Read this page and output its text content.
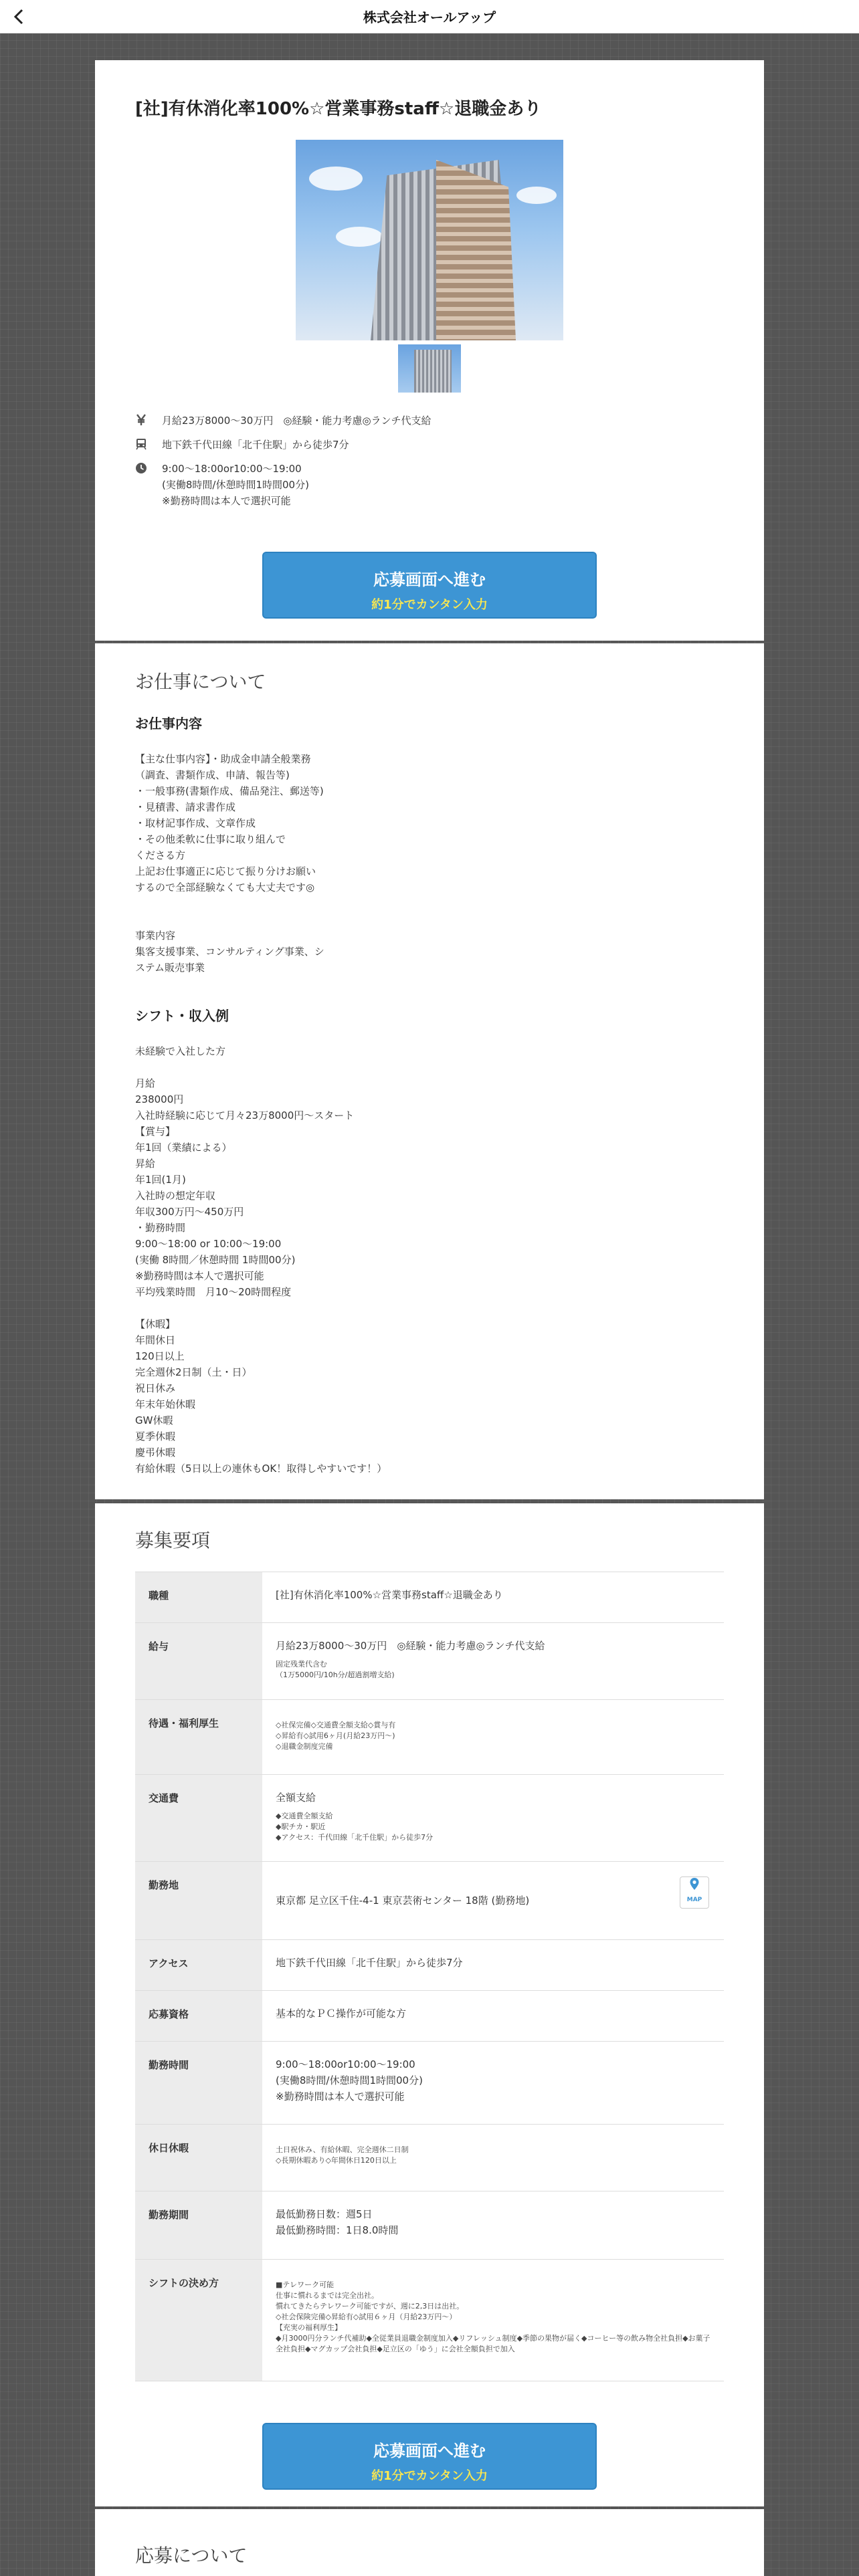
株式会社オールアップ
[社]有休消化率100%☆営業事務staff☆退職金あり
月給23万8000～30万円　◎経験・能力考慮◎ランチ代支給
地下鉄千代田線「北千住駅」から徒歩7分
9:00～18:00or10:00～19:00
(実働8時間/休憩時間1時間00分)
※勤務時間は本人で選択可能
応募画面へ進む
約1分でカンタン入力
お仕事について
お仕事内容
【主な仕事内容】・助成金申請全般業務
（調査、書類作成、申請、報告等)
・一般事務(書類作成、備品発注、郵送等)
・見積書、請求書作成
・取材記事作成、文章作成
・その他柔軟に仕事に取り組んで
くださる方
上記お仕事適正に応じて振り分けお願い
するので全部経験なくても大丈夫です◎

事業内容
集客支援事業、コンサルティング事業、シ
ステム販売事業
シフト・収入例
未経験で入社した方

月給
238000円
入社時経験に応じて月々23万8000円～スタート
【賞与】
年1回（業績による）
昇給
年1回(1月)
入社時の想定年収
年収300万円～450万円
・勤務時間
9:00～18:00 or 10:00～19:00
(実働 8時間／休憩時間 1時間00分)
※勤務時間は本人で選択可能
平均残業時間　月10～20時間程度

【休暇】
年間休日
120日以上
完全週休2日制（土・日）
祝日休み
年末年始休暇
GW休暇
夏季休暇
慶弔休暇
有給休暇（5日以上の連休もOK！取得しやすいです！）
募集要項
職種	[社]有休消化率100%☆営業事務staff☆退職金あり
給与	月給23万8000～30万円　◎経験・能力考慮◎ランチ代支給
固定残業代含む
（1万5000円/10h分/超過割増支給)
待遇・福利厚生	◇社保完備◇交通費全額支給◇賞与有
◇昇給有◇試用6ヶ月(月給23万円〜)
◇退職金制度完備
交通費	全額支給
◆交通費全額支給
◆駅チカ・駅近
◆アクセス：千代田線「北千住駅」から徒歩7分
勤務地

東京都 足立区千住-4-1 東京芸術センター 18階 (勤務地)	MAP

アクセス	地下鉄千代田線「北千住駅」から徒歩7分
応募資格	基本的なＰＣ操作が可能な方
勤務時間	9:00～18:00or10:00～19:00
(実働8時間/休憩時間1時間00分)
※勤務時間は本人で選択可能
休日休暇	土日祝休み、有給休暇、完全週休二日制
◇長期休暇あり◇年間休日120日以上
勤務期間	最低勤務日数：週5日
最低勤務時間：1日8.0時間
シフトの決め方	■テレワーク可能
仕事に慣れるまでは完全出社。
慣れてきたらテレワーク可能ですが、週に2,3日は出社。
◇社会保険完備◇昇給有◇試用６ヶ月（月給23万円〜）
【充実の福利厚生】
◆月3000円分ランチ代補助◆全従業員退職金制度加入◆リフレッシュ制度◆季節の果物が届く◆コーヒー等の飲み物全社負担◆お菓子全社負担◆マグカップ会社負担◆足立区の「ゆう」に会社全額負担で加入
応募画面へ進む
約1分でカンタン入力
応募について
